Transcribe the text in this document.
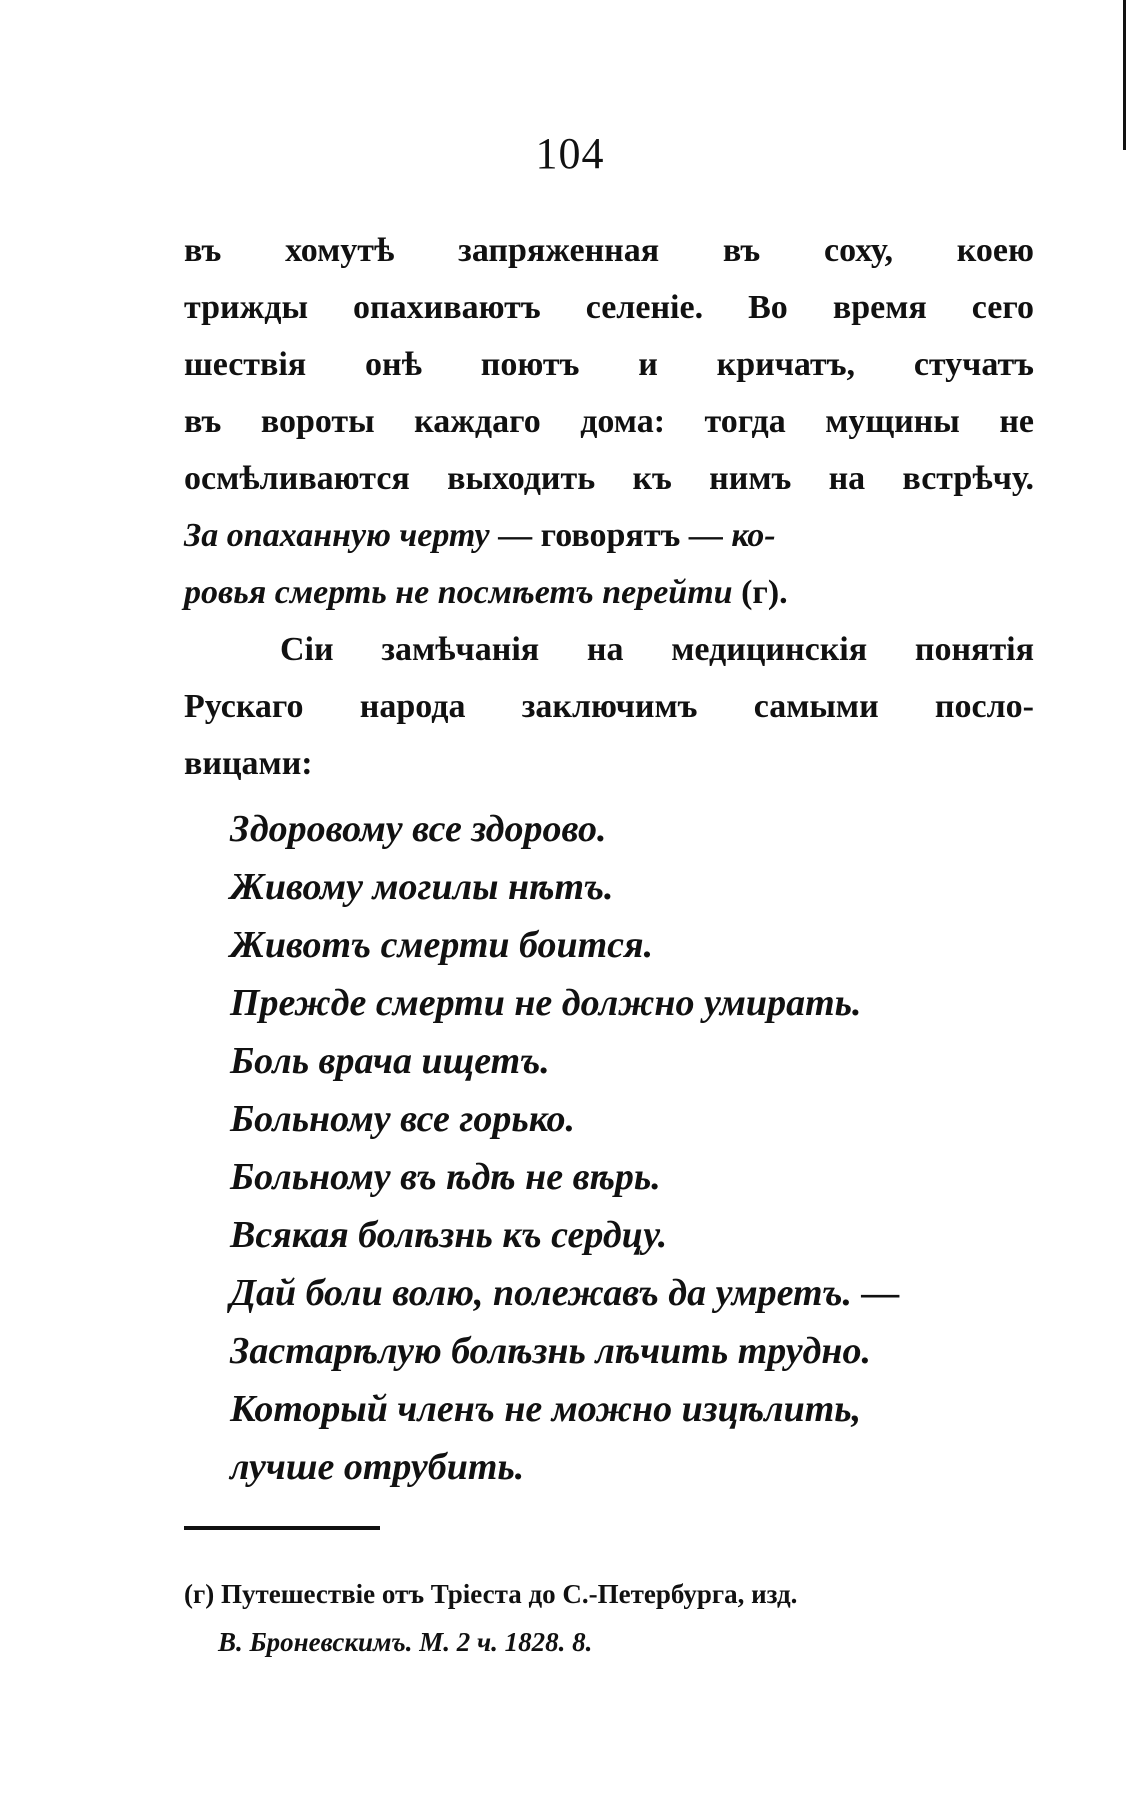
104
въ хомутѣ запряженная въ соху, коею
трижды опахиваютъ селеніе. Во время сего
шествія онѣ поютъ и кричатъ, стучатъ
въ вороты каждаго дома: тогда мущины не
осмѣливаются выходить къ нимъ на встрѣчу.
За опаханную черту — говорятъ — ко-
ровья смерть не посмѣетъ перейти (г).
Сіи замѣчанія на медицинскія понятія
Рускаго народа заключимъ самыми посло-
вицами:
Здоровому все здорово.
Живому могилы нѣтъ.
Животъ смерти боится.
Прежде смерти не должно умирать.
Боль врача ищетъ.
Больному все горько.
Больному въ ѣдѣ не вѣрь.
Всякая болѣзнь къ сердцу.
Дай боли волю, полежавъ да умретъ. —
Застарѣлую болѣзнь лѣчить трудно.
Который членъ не можно изцѣлить,
лучше отрубить.
(г) Путешествіе отъ Тріеста до С.-Петербурга, изд.
В. Броневскимъ. М. 2 ч. 1828. 8.
